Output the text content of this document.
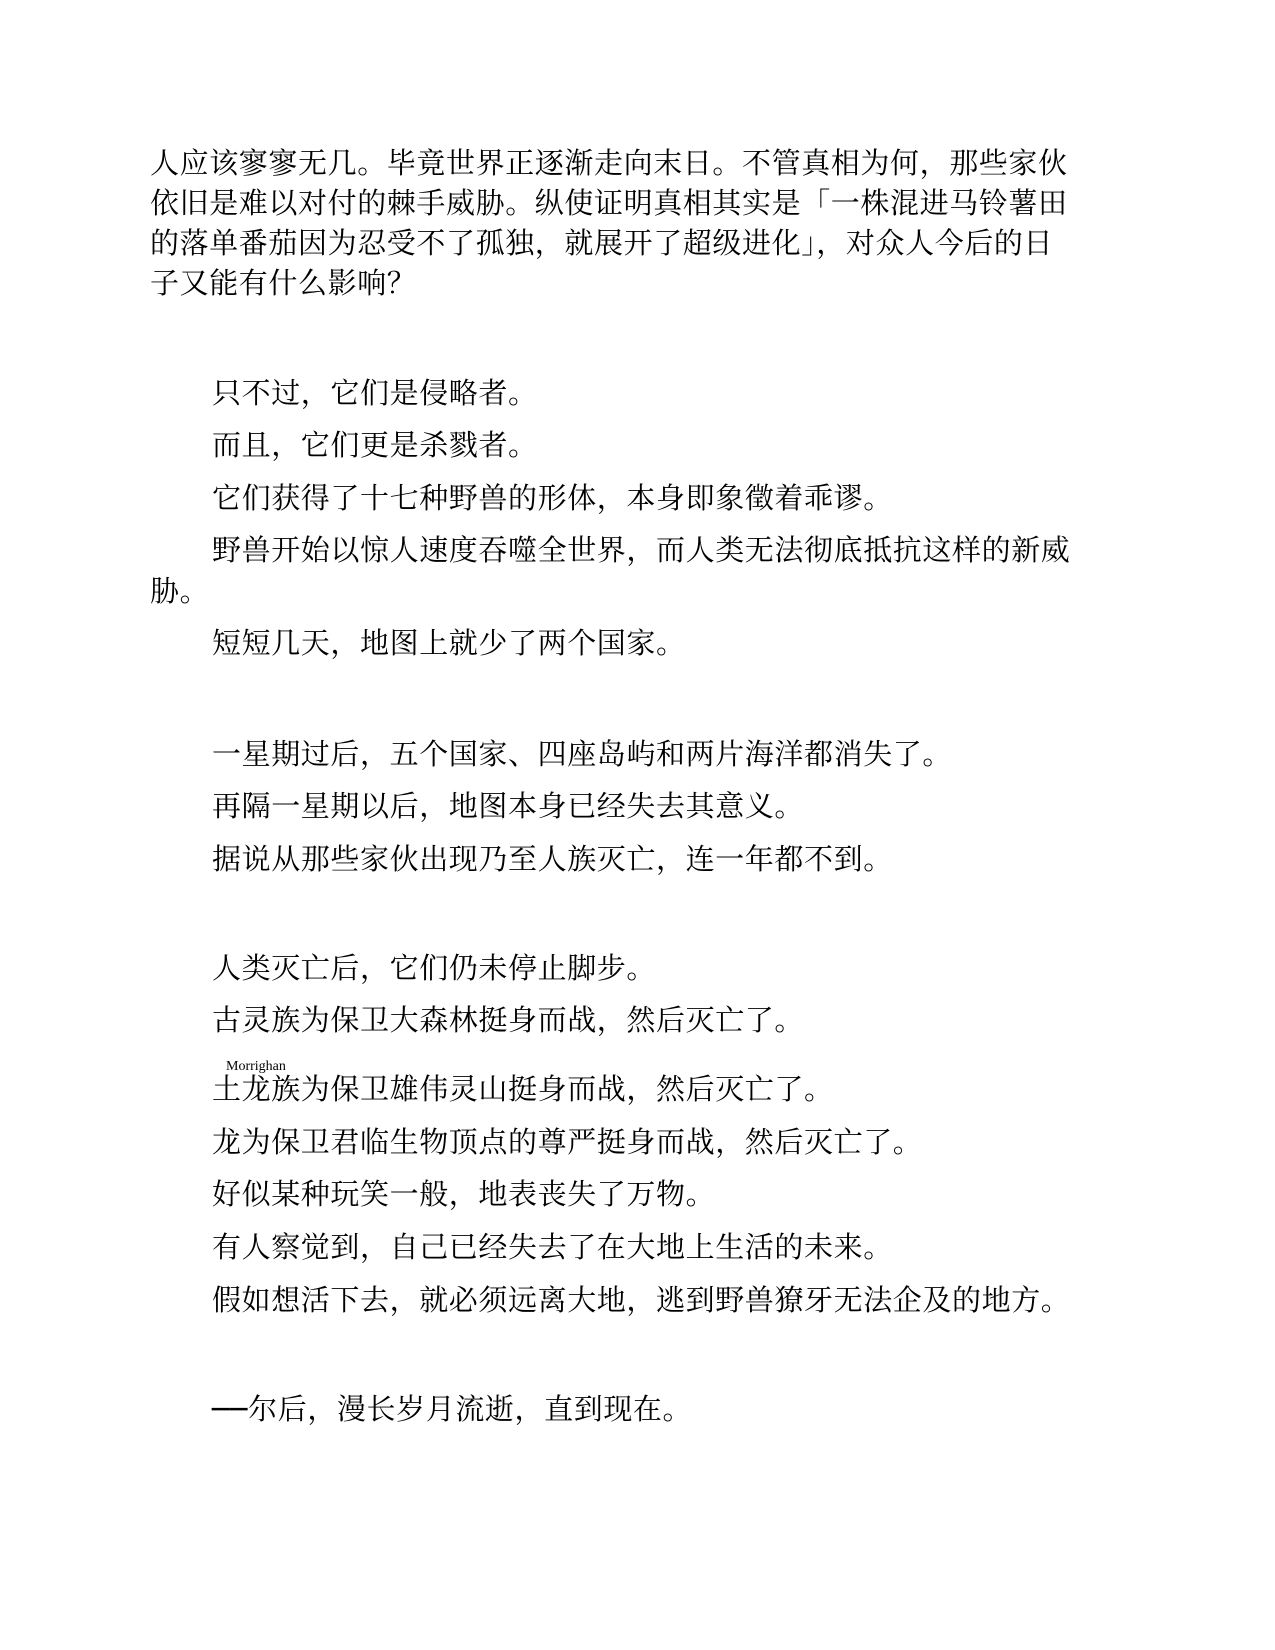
人应该寥寥无几。毕竟世界正逐渐走向末日。不管真相为何，那些家伙

依旧是难以对付的棘手威胁。纵使证明真相其实是「一株混进马铃薯田

的落单番茄因为忍受不了孤独，就展开了超级进化」，对众人今后的日

子又能有什么影响？

只不过，它们是侵略者。

而且，它们更是杀戮者。

它们获得了十七种野兽的形体，本身即象徵着乖谬。

野兽开始以惊人速度吞噬全世界，而人类无法彻底抵抗这样的新威

胁。

短短几天，地图上就少了两个国家。

一星期过后，五个国家、四座岛屿和两片海洋都消失了。

再隔一星期以后，地图本身已经失去其意义。

据说从那些家伙出现乃至人族灭亡，连一年都不到。

人类灭亡后，它们仍未停止脚步。

古灵族为保卫大森林挺身而战，然后灭亡了。

Morrighan

土龙族为保卫雄伟灵山挺身而战，然后灭亡了。

龙为保卫君临生物顶点的尊严挺身而战，然后灭亡了。

好似某种玩笑一般，地表丧失了万物。

有人察觉到，自己已经失去了在大地上生活的未来。

假如想活下去，就必须远离大地，逃到野兽獠牙无法企及的地方。

──尔后，漫长岁月流逝，直到现在。
